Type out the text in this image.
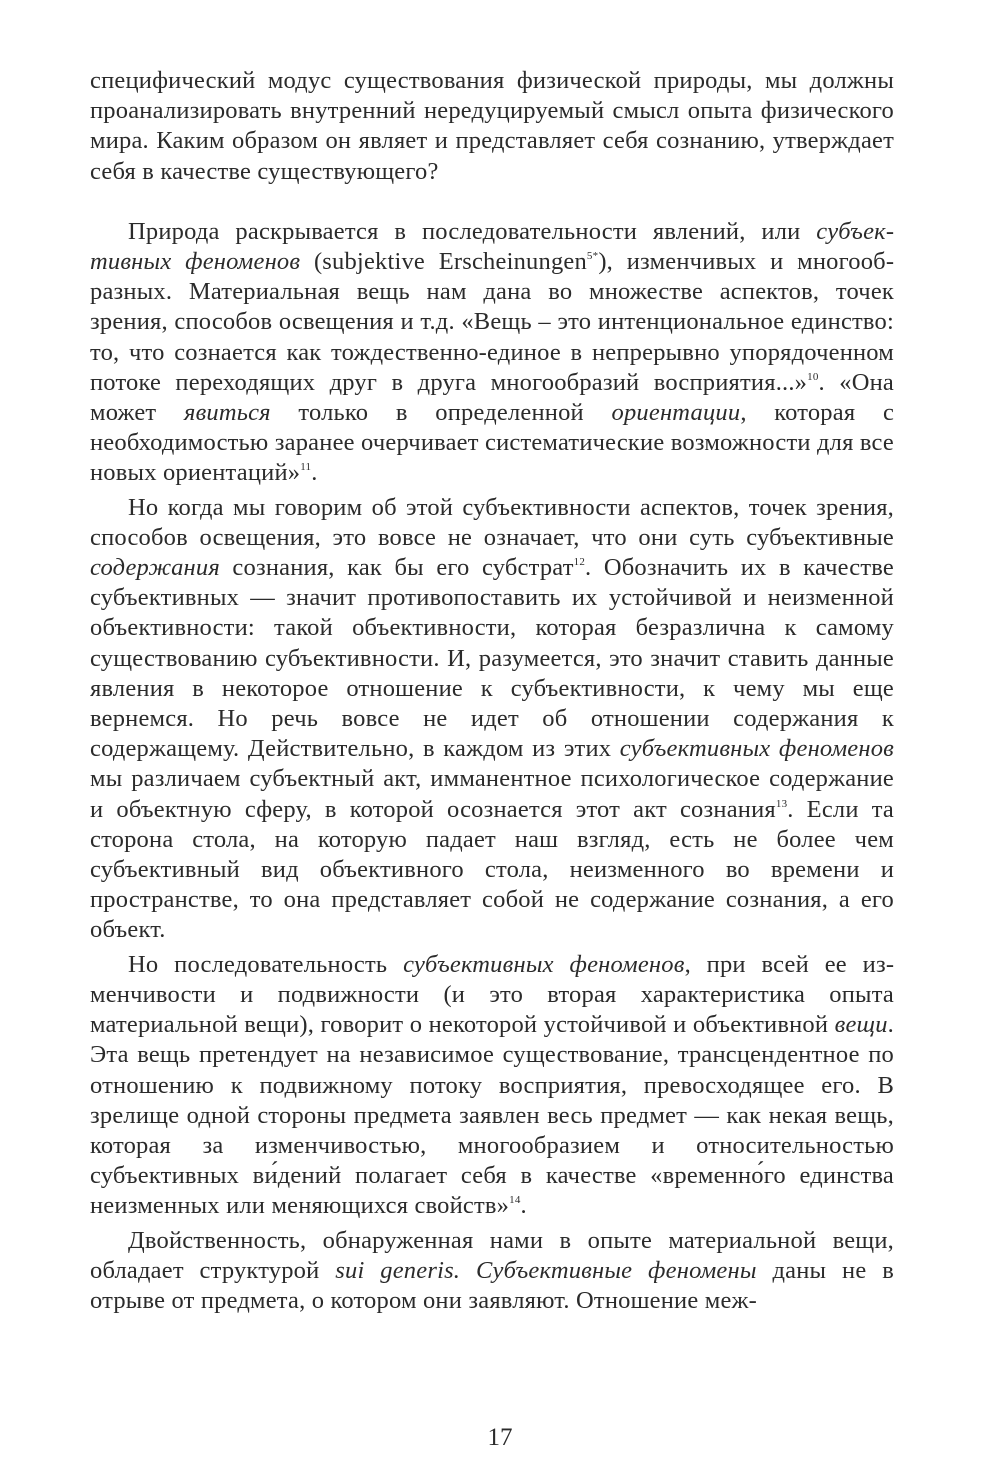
специфический модус существования физической природы, мы должны проанализировать внутренний нередуцируемый смысл опыта физического мира. Каким образом он являет и представляет себя сознанию, утверждает себя в качестве существующего?

Природа раскрывается в последовательности явлений, или субъективных феноменов (subjektive Erscheinungen$^{5*}$), изменчивых и многообразных. Материальная вещь нам дана во множестве аспектов, точек зрения, способов освещения и т.д. «Вещь – это интенциональное единство: то, что сознается как тождественно-единое в непрерывно упорядоченном потоке переходящих друг в друга многообразий восприятия...»$^{10}$. «Она может явиться только в определенной ориентации, которая с необходимостью заранее очерчивает систематические возможности для все новых ориентаций»$^{11}$.

Но когда мы говорим об этой субъективности аспектов, точек зрения, способов освещения, это вовсе не означает, что они суть субъективные содержания сознания, как бы его субстрат$^{12}$. Обозначить их в качестве субъективных — значит противопоставить их устойчивой и неизменной объективности: такой объективности, которая безразлична к самому существованию субъективности. И, разумеется, это значит ставить данные явления в некоторое отношение к субъективности, к чему мы еще вернемся. Но речь вовсе не идет об отношении содержания к содержащему. Действительно, в каждом из этих субъективных феноменов мы различаем субъектный акт, имманентное психологическое содержание и объектную сферу, в которой осознается этот акт сознания$^{13}$. Если та сторона стола, на которую падает наш взгляд, есть не более чем субъективный вид объективного стола, неизменного во времени и пространстве, то она представляет собой не содержание сознания, а его объект.

Но последовательность субъективных феноменов, при всей ее изменчивости и подвижности (и это вторая характеристика опыта материальной вещи), говорит о некоторой устойчивой и объективной вещи. Эта вещь претендует на независимое существование, трансцендентное по отношению к подвижному потоку восприятия, превосходящее его. В зрелище одной стороны предмета заявлен весь предмет — как некая вещь, которая за изменчивостью, многообразием и относительностью субъективных ви́дений полагает себя в качестве «временно́го единства неизменных или меняющихся свойств»$^{14}$.

Двойственность, обнаруженная нами в опыте материальной вещи, обладает структурой sui generis. Субъективные феномены даны не в отрыве от предмета, о котором они заявляют. Отношение меж-

17
